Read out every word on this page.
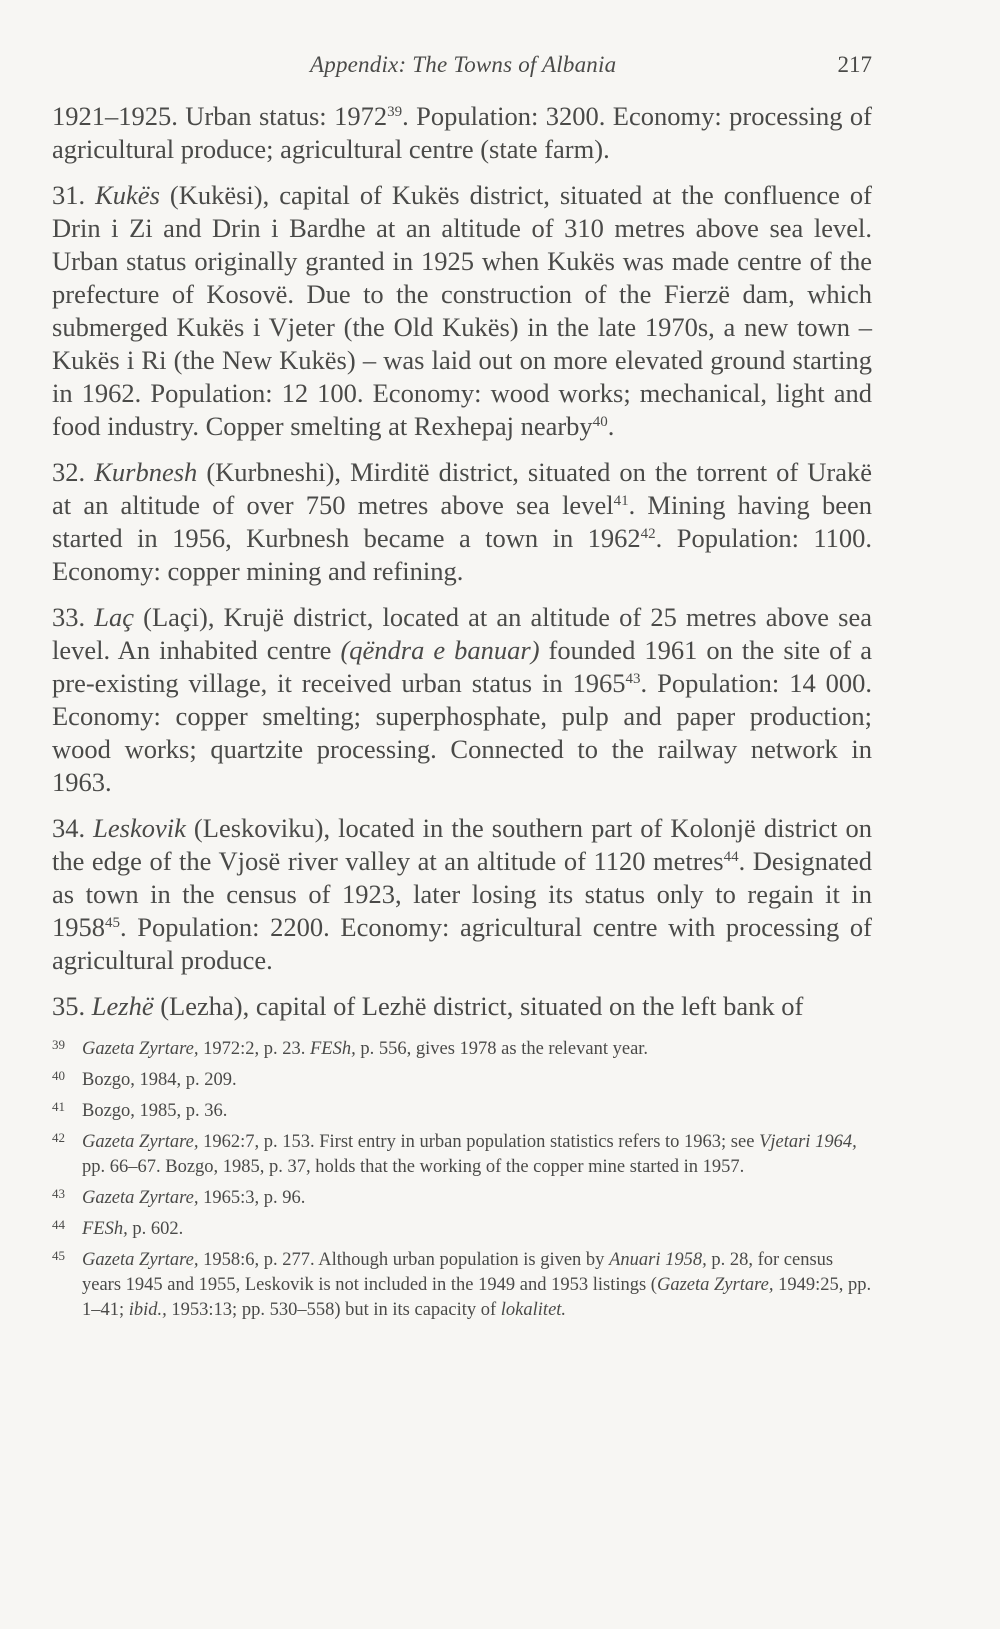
Appendix: The Towns of Albania	217

1921–1925. Urban status: 1972$^{39}$. Population: 3200. Economy: processing of agricultural produce; agricultural centre (state farm).

31. Kukës (Kukësi), capital of Kukës district, situated at the confluence of Drin i Zi and Drin i Bardhe at an altitude of 310 metres above sea level. Urban status originally granted in 1925 when Kukës was made centre of the prefecture of Kosovë. Due to the construction of the Fierzë dam, which submerged Kukës i Vjeter (the Old Kukës) in the late 1970s, a new town – Kukës i Ri (the New Kukës) – was laid out on more elevated ground starting in 1962. Population: 12 100. Economy: wood works; mechanical, light and food industry. Copper smelting at Rexhepaj nearby$^{40}$.

32. Kurbnesh (Kurbneshi), Mirditë district, situated on the torrent of Urakë at an altitude of over 750 metres above sea level$^{41}$. Mining having been started in 1956, Kurbnesh became a town in 1962$^{42}$. Population: 1100. Economy: copper mining and refining.

33. Laç (Laçi), Krujë district, located at an altitude of 25 metres above sea level. An inhabited centre (qëndra e banuar) founded 1961 on the site of a pre-existing village, it received urban status in 1965$^{43}$. Population: 14 000. Economy: copper smelting; superphosphate, pulp and paper production; wood works; quartzite processing. Connected to the railway network in 1963.

34. Leskovik (Leskoviku), located in the southern part of Kolonjë district on the edge of the Vjosë river valley at an altitude of 1120 metres$^{44}$. Designated as town in the census of 1923, later losing its status only to regain it in 1958$^{45}$. Population: 2200. Economy: agricultural centre with processing of agricultural produce.

35. Lezhë (Lezha), capital of Lezhë district, situated on the left bank of

39 Gazeta Zyrtare, 1972:2, p. 23. FESh, p. 556, gives 1978 as the relevant year.
40 Bozgo, 1984, p. 209.
41 Bozgo, 1985, p. 36.
42 Gazeta Zyrtare, 1962:7, p. 153. First entry in urban population statistics refers to 1963; see Vjetari 1964, pp. 66–67. Bozgo, 1985, p. 37, holds that the working of the copper mine started in 1957.
43 Gazeta Zyrtare, 1965:3, p. 96.
44 FESh, p. 602.
45 Gazeta Zyrtare, 1958:6, p. 277. Although urban population is given by Anuari 1958, p. 28, for census years 1945 and 1955, Leskovik is not included in the 1949 and 1953 listings (Gazeta Zyrtare, 1949:25, pp. 1–41; ibid., 1953:13; pp. 530–558) but in its capacity of lokalitet.
